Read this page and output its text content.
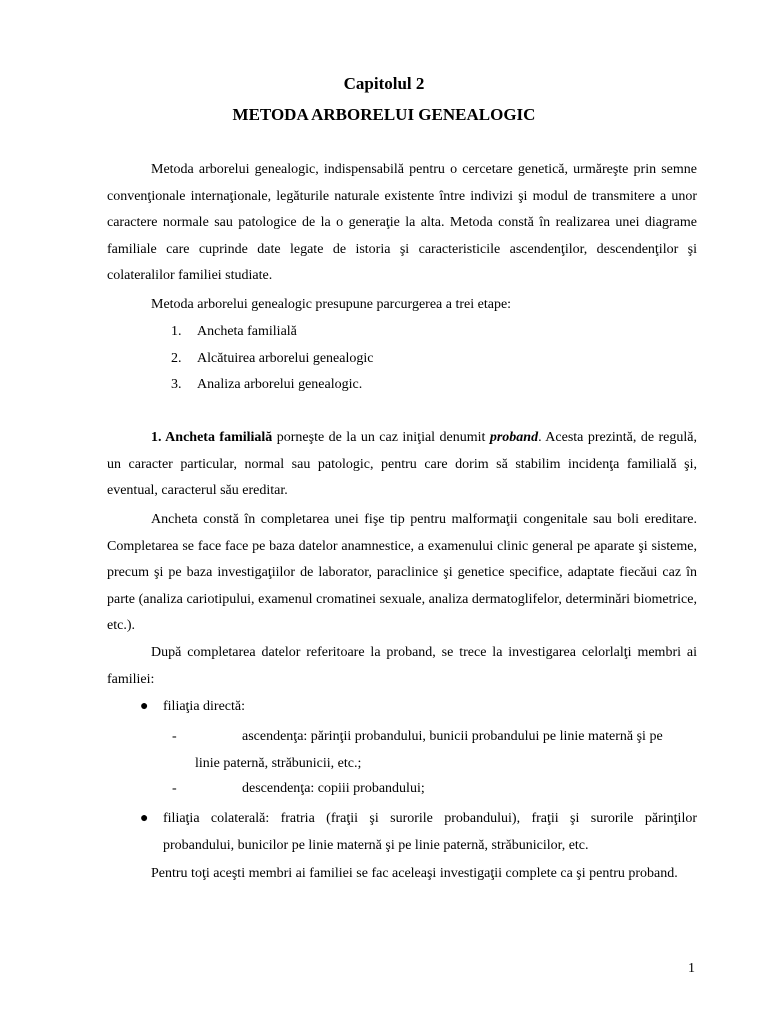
Capitolul 2
METODA ARBORELUI GENEALOGIC
Metoda arborelui genealogic, indispensabilă pentru o cercetare genetică, urmăreşte prin semne convenţionale internaţionale, legăturile naturale existente între indivizi şi modul de transmitere a unor caractere normale sau patologice de la o generaţie la alta. Metoda constă în realizarea unei diagrame familiale care cuprinde date legate de istoria şi caracteristicile ascendenţilor, descendenţilor şi colateralilor familiei studiate.
Metoda arborelui genealogic presupune parcurgerea a trei etape:
1. Ancheta familială
2. Alcătuirea arborelui genealogic
3. Analiza arborelui genealogic.
1. Ancheta familială porneşte de la un caz iniţial denumit proband. Acesta prezintă, de regulă, un caracter particular, normal sau patologic, pentru care dorim să stabilim incidenţa familială şi, eventual, caracterul său ereditar.
Ancheta constă în completarea unei fişe tip pentru malformaţii congenitale sau boli ereditare. Completarea se face face pe baza datelor anamnestice, a examenului clinic general pe aparate şi sisteme, precum şi pe baza investigaţiilor de laborator, paraclinice şi genetice specifice, adaptate fiecăui caz în parte (analiza cariotipului, examenul cromatinei sexuale, analiza dermatoglifelor, determinări biometrice, etc.).
După completarea datelor referitoare la proband, se trece la investigarea celorlalţi membri ai familiei:
● filiaţia directă:
-	ascendenţa: părinţii probandului, bunicii probandului pe linie maternă şi pe
linie paternă, străbunicii, etc.;
-	descendenţa: copiii probandului;
● filiaţia colaterală: fratria (fraţii şi surorile probandului), fraţii şi surorile părinţilor
probandului, bunicilor pe linie maternă şi pe linie paternă, străbunicilor, etc.
Pentru toţi aceşti membri ai familiei se fac aceleaşi investigaţii complete ca şi pentru proband.
1
